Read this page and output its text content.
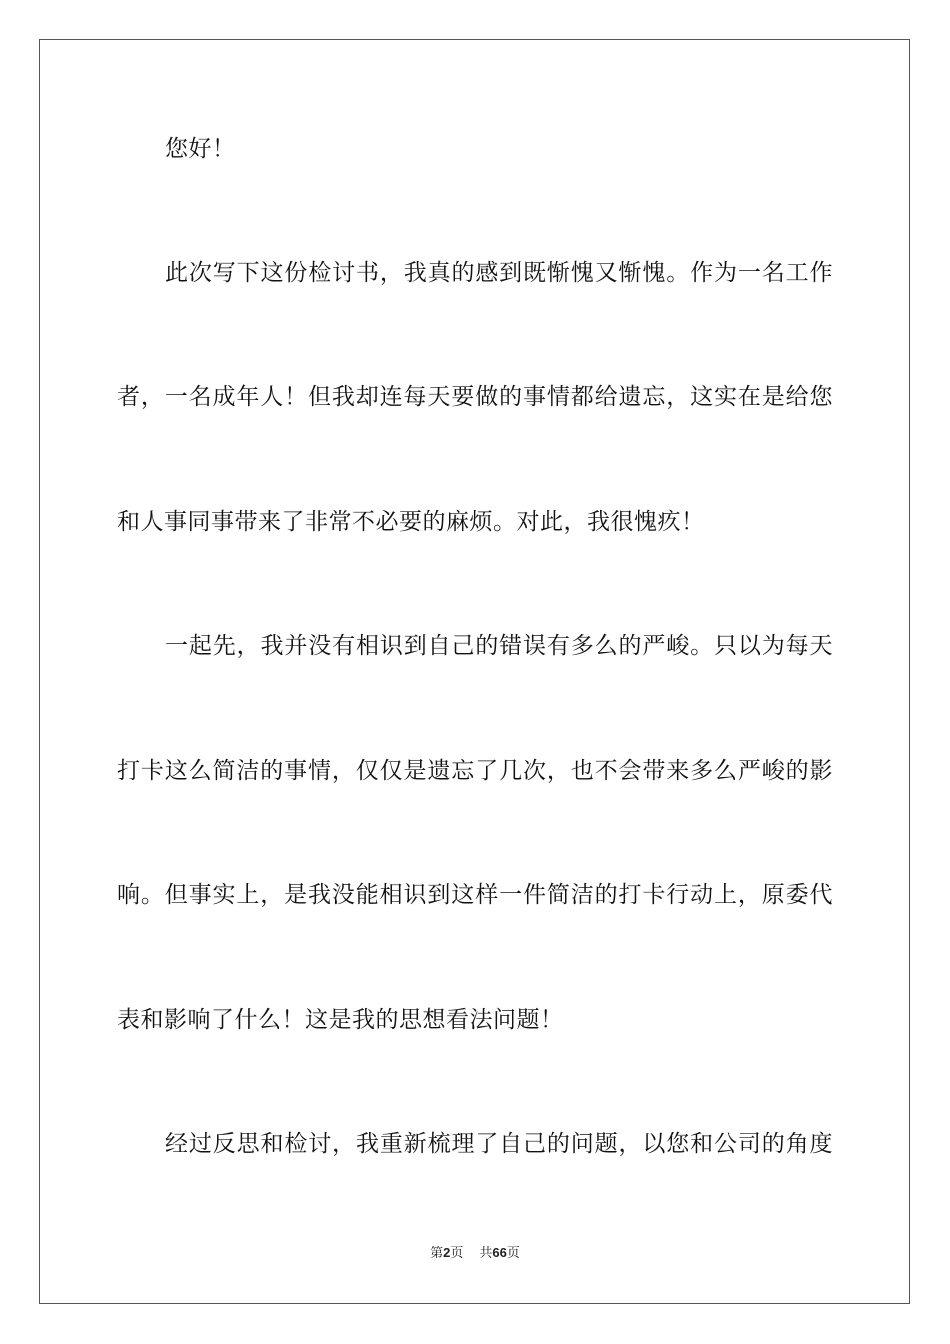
您好！
此次写下这份检讨书，我真的感到既惭愧又惭愧。作为一名工作
者，一名成年人！但我却连每天要做的事情都给遗忘，这实在是给您
和人事同事带来了非常不必要的麻烦。对此，我很愧疚！
一起先，我并没有相识到自己的错误有多么的严峻。只以为每天
打卡这么简洁的事情，仅仅是遗忘了几次，也不会带来多么严峻的影
响。但事实上，是我没能相识到这样一件简洁的打卡行动上，原委代
表和影响了什么！这是我的思想看法问题！
经过反思和检讨，我重新梳理了自己的问题，以您和公司的角度
第2页 共66页
